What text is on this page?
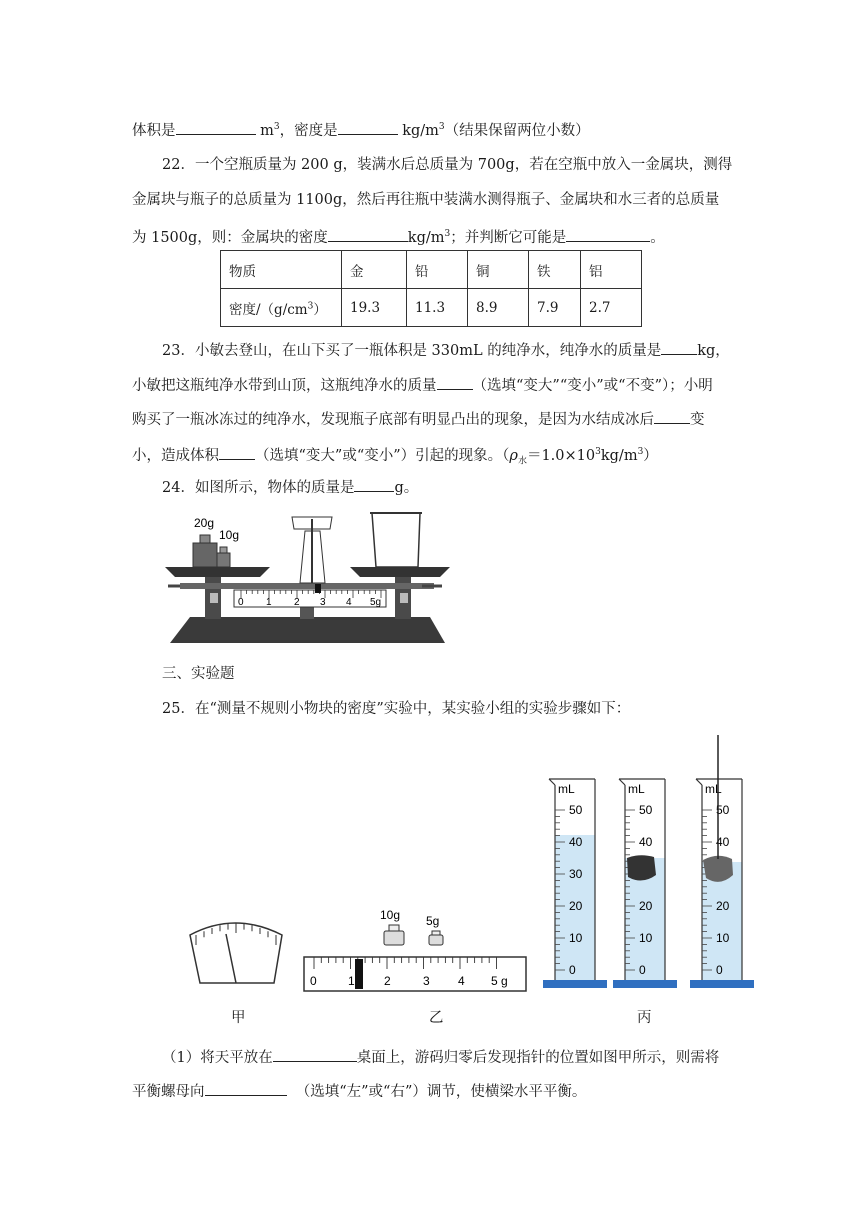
体积是	$m^3$，密度是	$kg/m^3$（结果保留两位小数）
22．一个空瓶质量为 200 g，装满水后总质量为 700g，若在空瓶中放入一金属块，测得
金属块与瓶子的总质量为 1100g，然后再往瓶中装满水测得瓶子、金属块和水三者的总质量
为 1500g，则：金属块的密度	$kg/m^3$；并判断它可能是	。
物质	金	铅	铜	铁	铝
密度$/(g/cm^3)$	19.3	11.3	8.9	7.9	2.7
23．小敏去登山，在山下买了一瓶体积是 330mL 的纯净水，纯净水的质量是 kg，
小敏把这瓶纯净水带到山顶，这瓶纯净水的质量 （选填“变大”“变小”或“不变”）；小明
购买了一瓶冰冻过的纯净水，发现瓶子底部有明显凸出的现象，是因为水结成冰后 变
小，造成体积 （选填“变大”或“变小”）引起的现象。$(\rho_水=1.0\times 10^3kg/m^3)$
24．如图所示，物体的质量是	g。
20g
10g
0 1 2 3 4 5g
三、实验题
25．在“测量不规则小物块的密度”实验中，某实验小组的实验步骤如下：
0	1 2	3 4 5 g
10g 5g
mL
50
40
30
20
10
0
mL
50
40
20
10
0
mL
50
40
20
10
0
甲	乙	丙
（1）将天平放在	桌面上，游码归零后发现指针的位置如图甲所示，则需将
平衡螺母向	（选填“左”或“右”）调节，使横梁水平平衡。
